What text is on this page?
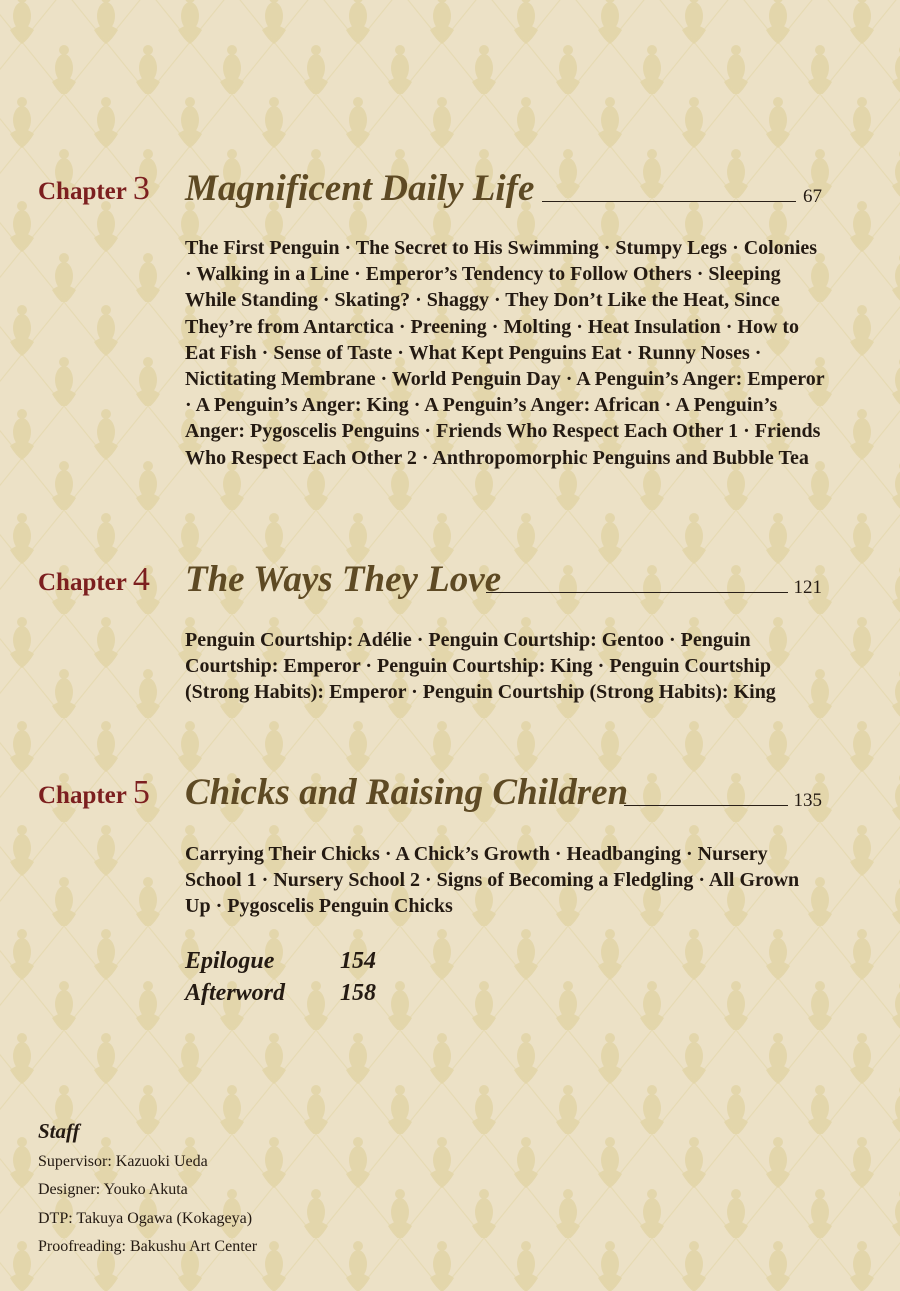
Chapter 3 Magnificent Daily Life	67

The First Penguin · The Secret to His Swimming · Stumpy Legs · Colonies · Walking in a Line · Emperor’s Tendency to Follow Others · Sleeping While Standing · Skating? · Shaggy · They Don’t Like the Heat, Since They’re from Antarctica · Preening · Molting · Heat Insulation · How to Eat Fish · Sense of Taste · What Kept Penguins Eat · Runny Noses · Nictitating Membrane · World Penguin Day · A Penguin’s Anger: Emperor · A Penguin’s Anger: King · A Penguin’s Anger: African · A Penguin’s Anger: Pygoscelis Penguins · Friends Who Respect Each Other 1 · Friends Who Respect Each Other 2 · Anthropomorphic Penguins and Bubble Tea

Chapter 4 The Ways They Love	121

Penguin Courtship: Adélie · Penguin Courtship: Gentoo · Penguin Courtship: Emperor · Penguin Courtship: King · Penguin Courtship (Strong Habits): Emperor · Penguin Courtship (Strong Habits): King

Chapter 5 Chicks and Raising Children	135

Carrying Their Chicks · A Chick’s Growth · Headbanging · Nursery School 1 · Nursery School 2 · Signs of Becoming a Fledgling · All Grown Up · Pygoscelis Penguin Chicks

Epilogue	154
Afterword 158
Staff
Supervisor: Kazuoki Ueda
Designer: Youko Akuta
DTP: Takuya Ogawa (Kokageya)
Proofreading: Bakushu Art Center
